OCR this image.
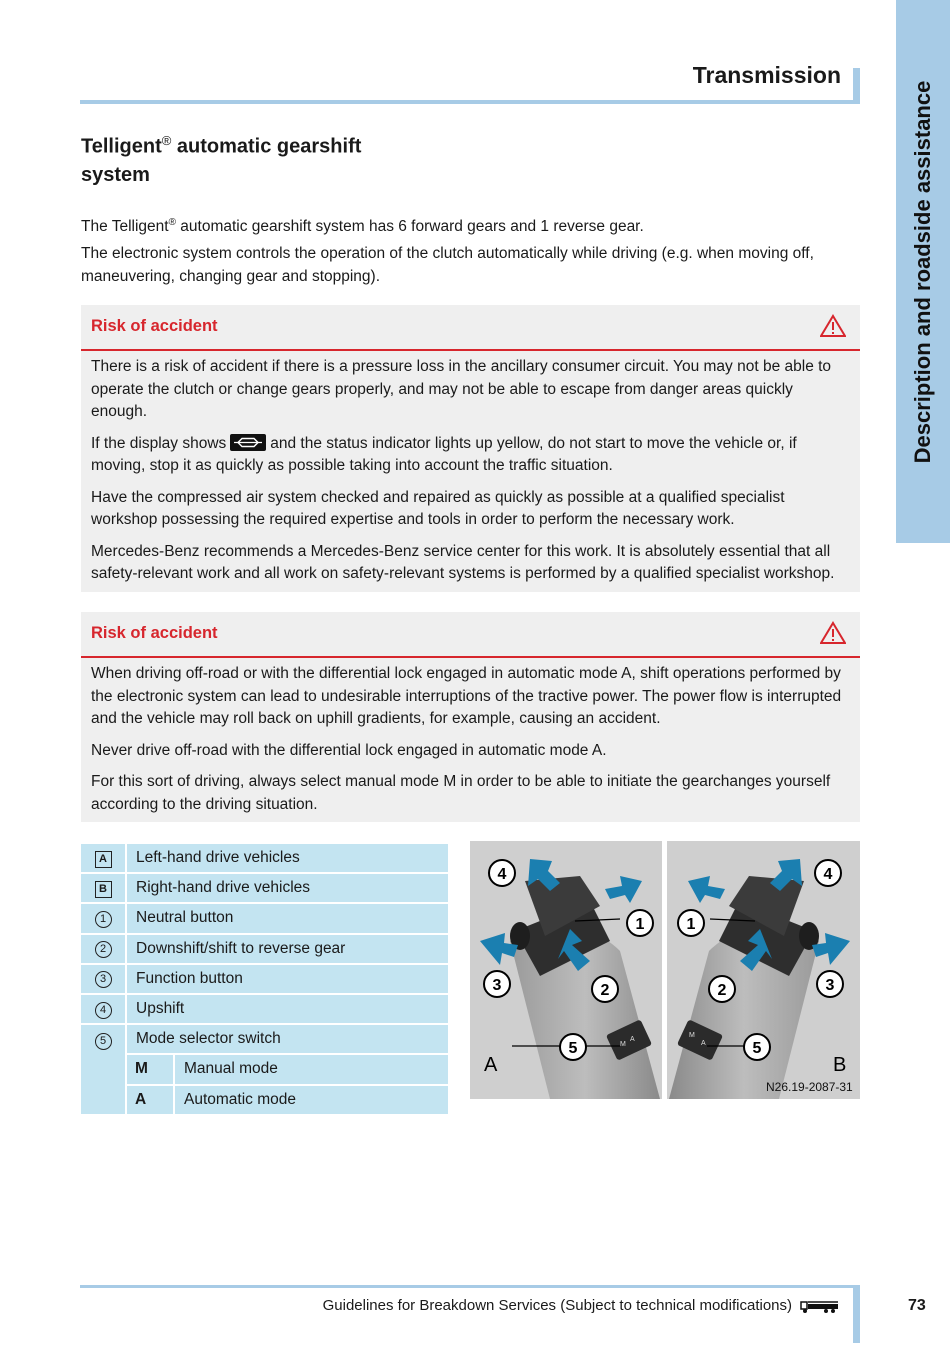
Transmission
Description and roadside assistance
Telligent® automatic gearshift
system
The Telligent® automatic gearshift system has 6 forward gears and 1 reverse gear.
The electronic system controls the operation of the clutch automatically while driving (e.g. when moving off, maneuvering, changing gear and stopping).
Risk of accident

There is a risk of accident if there is a pressure loss in the ancillary consumer circuit. You may not be able to operate the clutch or change gears properly, and may not be able to escape from danger areas quickly enough.

If the display shows	and the status indicator lights up yellow, do not start to move the vehicle or, if moving, stop it as quickly as possible taking into account the traffic situation.

Have the compressed air system checked and repaired as quickly as possible at a qualified specialist workshop possessing the required expertise and tools in order to perform the necessary work.

Mercedes-Benz recommends a Mercedes-Benz service center for this work. It is absolutely essential that all safety-relevant work and all work on safety-relevant systems is performed by a qualified specialist workshop.

Risk of accident

When driving off-road or with the differential lock engaged in automatic mode A, shift operations performed by the electronic system can lead to undesirable interruptions of the tractive power. The power flow is interrupted and the vehicle may roll back on uphill gradients, for example, causing an accident.

Never drive off-road with the differential lock engaged in automatic mode A.

For this sort of driving, always select manual mode M in order to be able to initiate the gearchanges yourself according to the driving situation.

A	Left-hand drive vehicles	
B	Right-hand drive vehicles	
1	Neutral button	
2	Downshift/shift to reverse gear	
3	Function button	
4	Upshift	
5	Mode selector switch	
	M	Manual mode
	A	Automatic mode
M
A
4
1
3	2
5
A
M
A
4
1
3
2
5
B
N26.19-2087-31
Guidelines for Breakdown Services (Subject to technical modifications)	73
